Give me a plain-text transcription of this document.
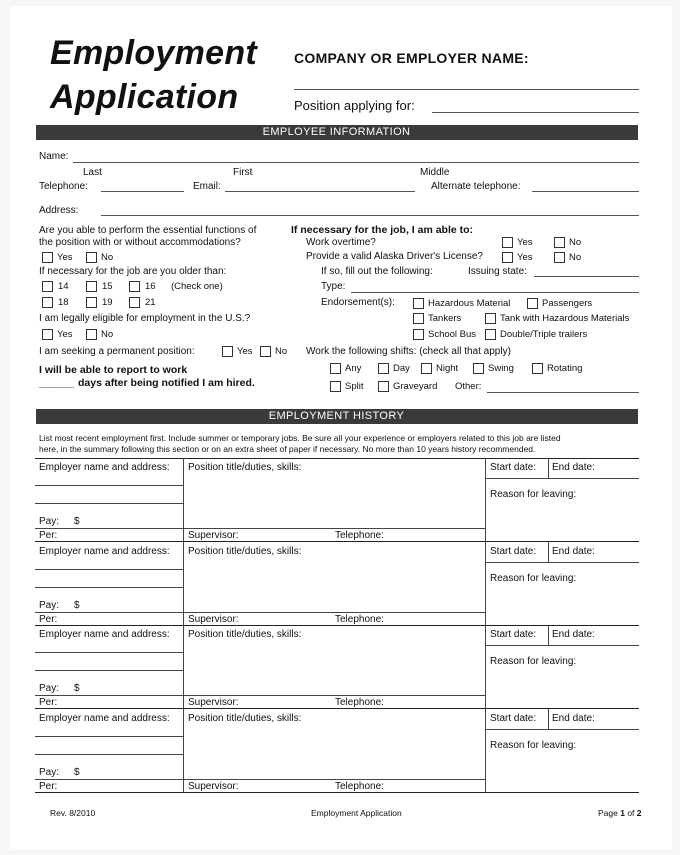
Employment
Application
COMPANY OR EMPLOYER NAME:
Position applying for:
EMPLOYEE INFORMATION
Name:
Last	First	Middle
Telephone:	Email:	Alternate telephone:
Address:
Are you able to perform the essential functions of
the position with or without accommodations?
Yes	No
If necessary for the job are you older than:
14	15	16 (Check one)
18	19	21
I am legally eligible for employment in the U.S.?
Yes	No
I am seeking a permanent position:	Yes No
I will be able to report to work
______ days after being notified I am hired.
If necessary for the job, I am able to:
Work overtime?	Yes	No
Provide a valid Alaska Driver's License?	Yes	No
If so, fill out the following:	Issuing state:
Type:
Endorsement(s):	Hazardous Material	Passengers
Tankers	Tank with Hazardous Materials
School Bus	Double/Triple trailers
Work the following shifts: (check all that apply)
Any	Day	Night	Swing	Rotating
Split	Graveyard Other:
EMPLOYMENT HISTORY
List most recent employment first. Include summer or temporary jobs. Be sure all your experience or employers related to this job are listed
here, in the summary following this section or on an extra sheet of paper if necessary. No more than 10 years history recommended.
Employer name and address: Position title/duties, skills:	Start date: End date:
Reason for leaving:
Pay: $
Per:	Supervisor:	Telephone:
Employer name and address: Position title/duties, skills:	Start date: End date:
Reason for leaving:
Pay: $
Per:	Supervisor:	Telephone:
Employer name and address: Position title/duties, skills:	Start date: End date:
Reason for leaving:
Pay: $
Per:	Supervisor:	Telephone:
Employer name and address: Position title/duties, skills:	Start date: End date:
Reason for leaving:
Pay: $
Per:	Supervisor:	Telephone:
Rev. 8/2010	Employment Application	Page 1 of 2
